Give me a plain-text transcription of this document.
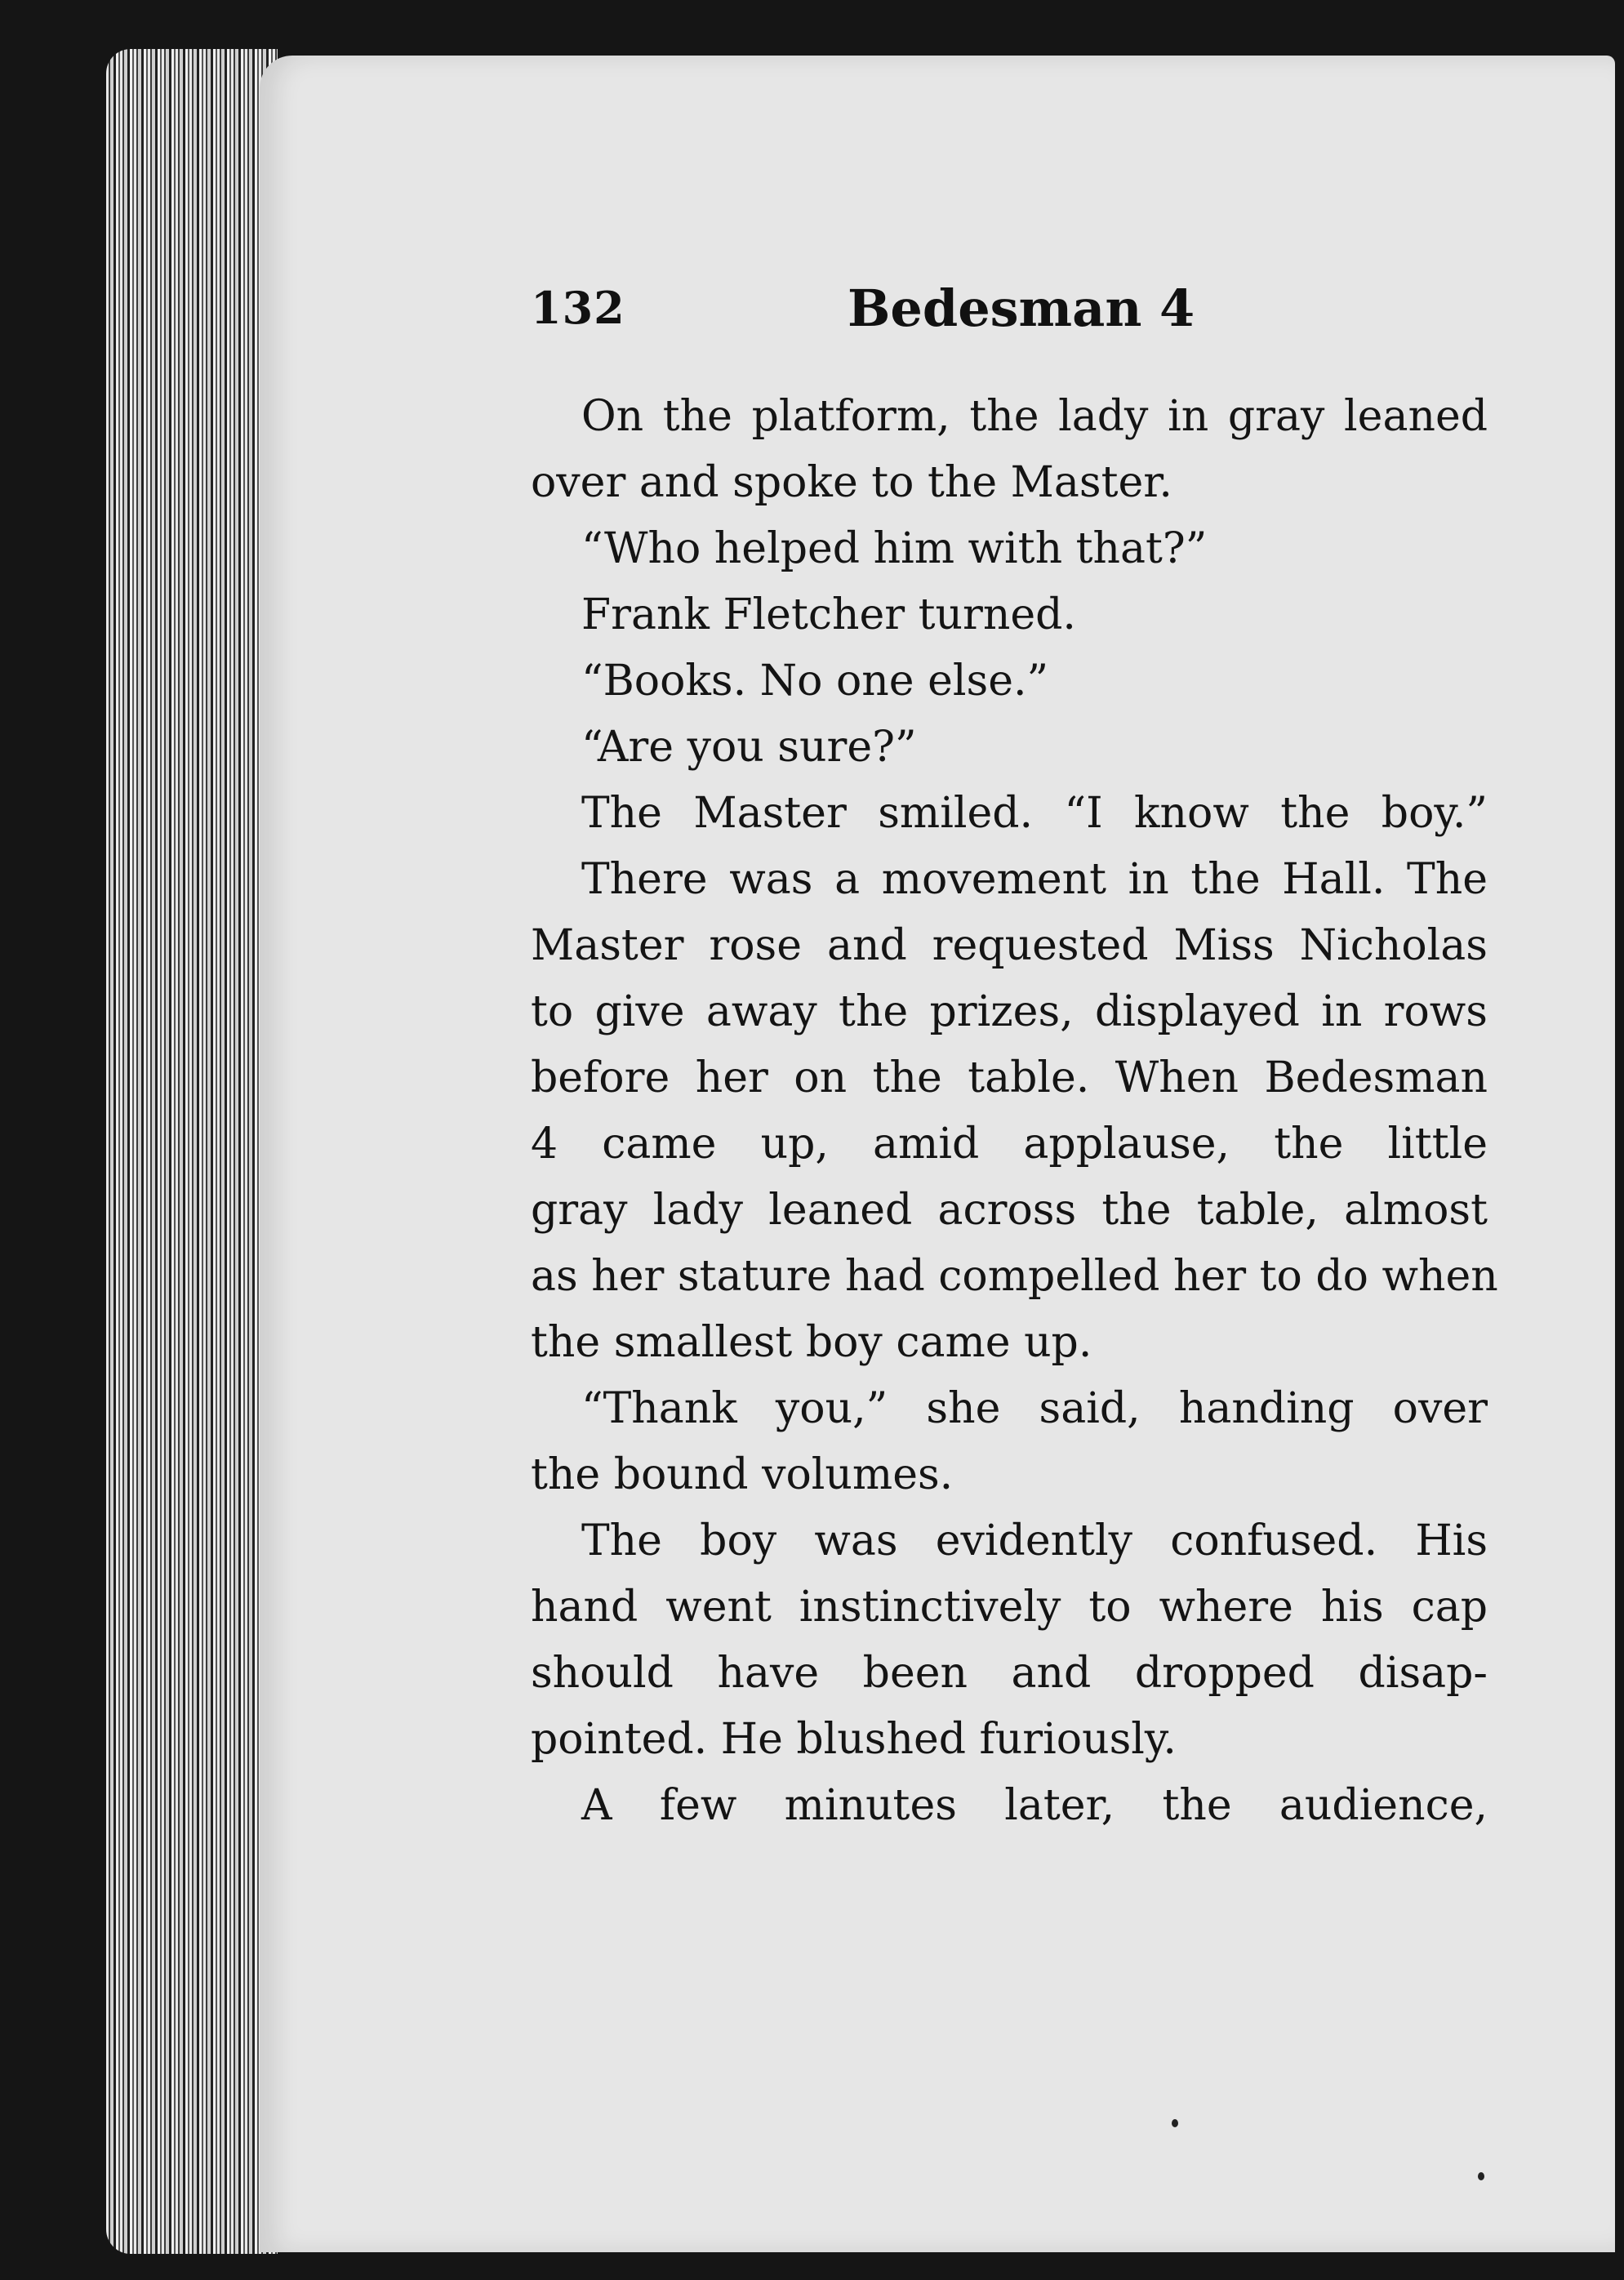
132	Bedesman 4
On the platform, the lady in gray leaned
over and spoke to the Master.
“Who helped him with that?”
Frank Fletcher turned.
“Books. No one else.”
“Are you sure?”
The Master smiled. “I know the boy.”
There was a movement in the Hall. The
Master rose and requested Miss Nicholas
to give away the prizes, displayed in rows
before her on the table. When Bedesman
4 came up, amid applause, the little
gray lady leaned across the table, almost
as her stature had compelled her to do when
the smallest boy came up.
“Thank you,” she said, handing over
the bound volumes.
The boy was evidently confused. His
hand went instinctively to where his cap
should have been and dropped disap-
pointed. He blushed furiously.
A few minutes later, the audience,
